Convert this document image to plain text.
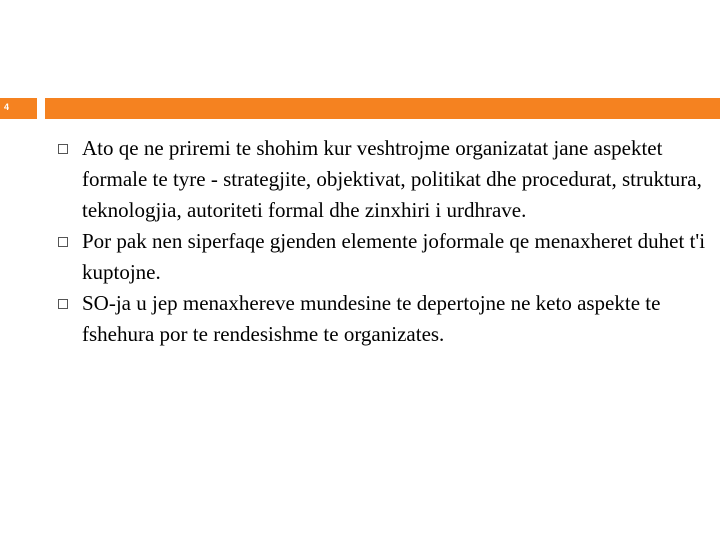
4
Ato qe ne priremi te shohim kur veshtrojme organizatat jane aspektet formale te tyre - strategjite, objektivat, politikat dhe procedurat, struktura, teknologjia, autoriteti formal dhe zinxhiri i urdhrave.
Por pak nen siperfaqe gjenden elemente joformale qe menaxheret duhet t'i kuptojne.
SO-ja u jep menaxhereve mundesine te depertojne ne keto aspekte te fshehura por te rendesishme te organizates.
